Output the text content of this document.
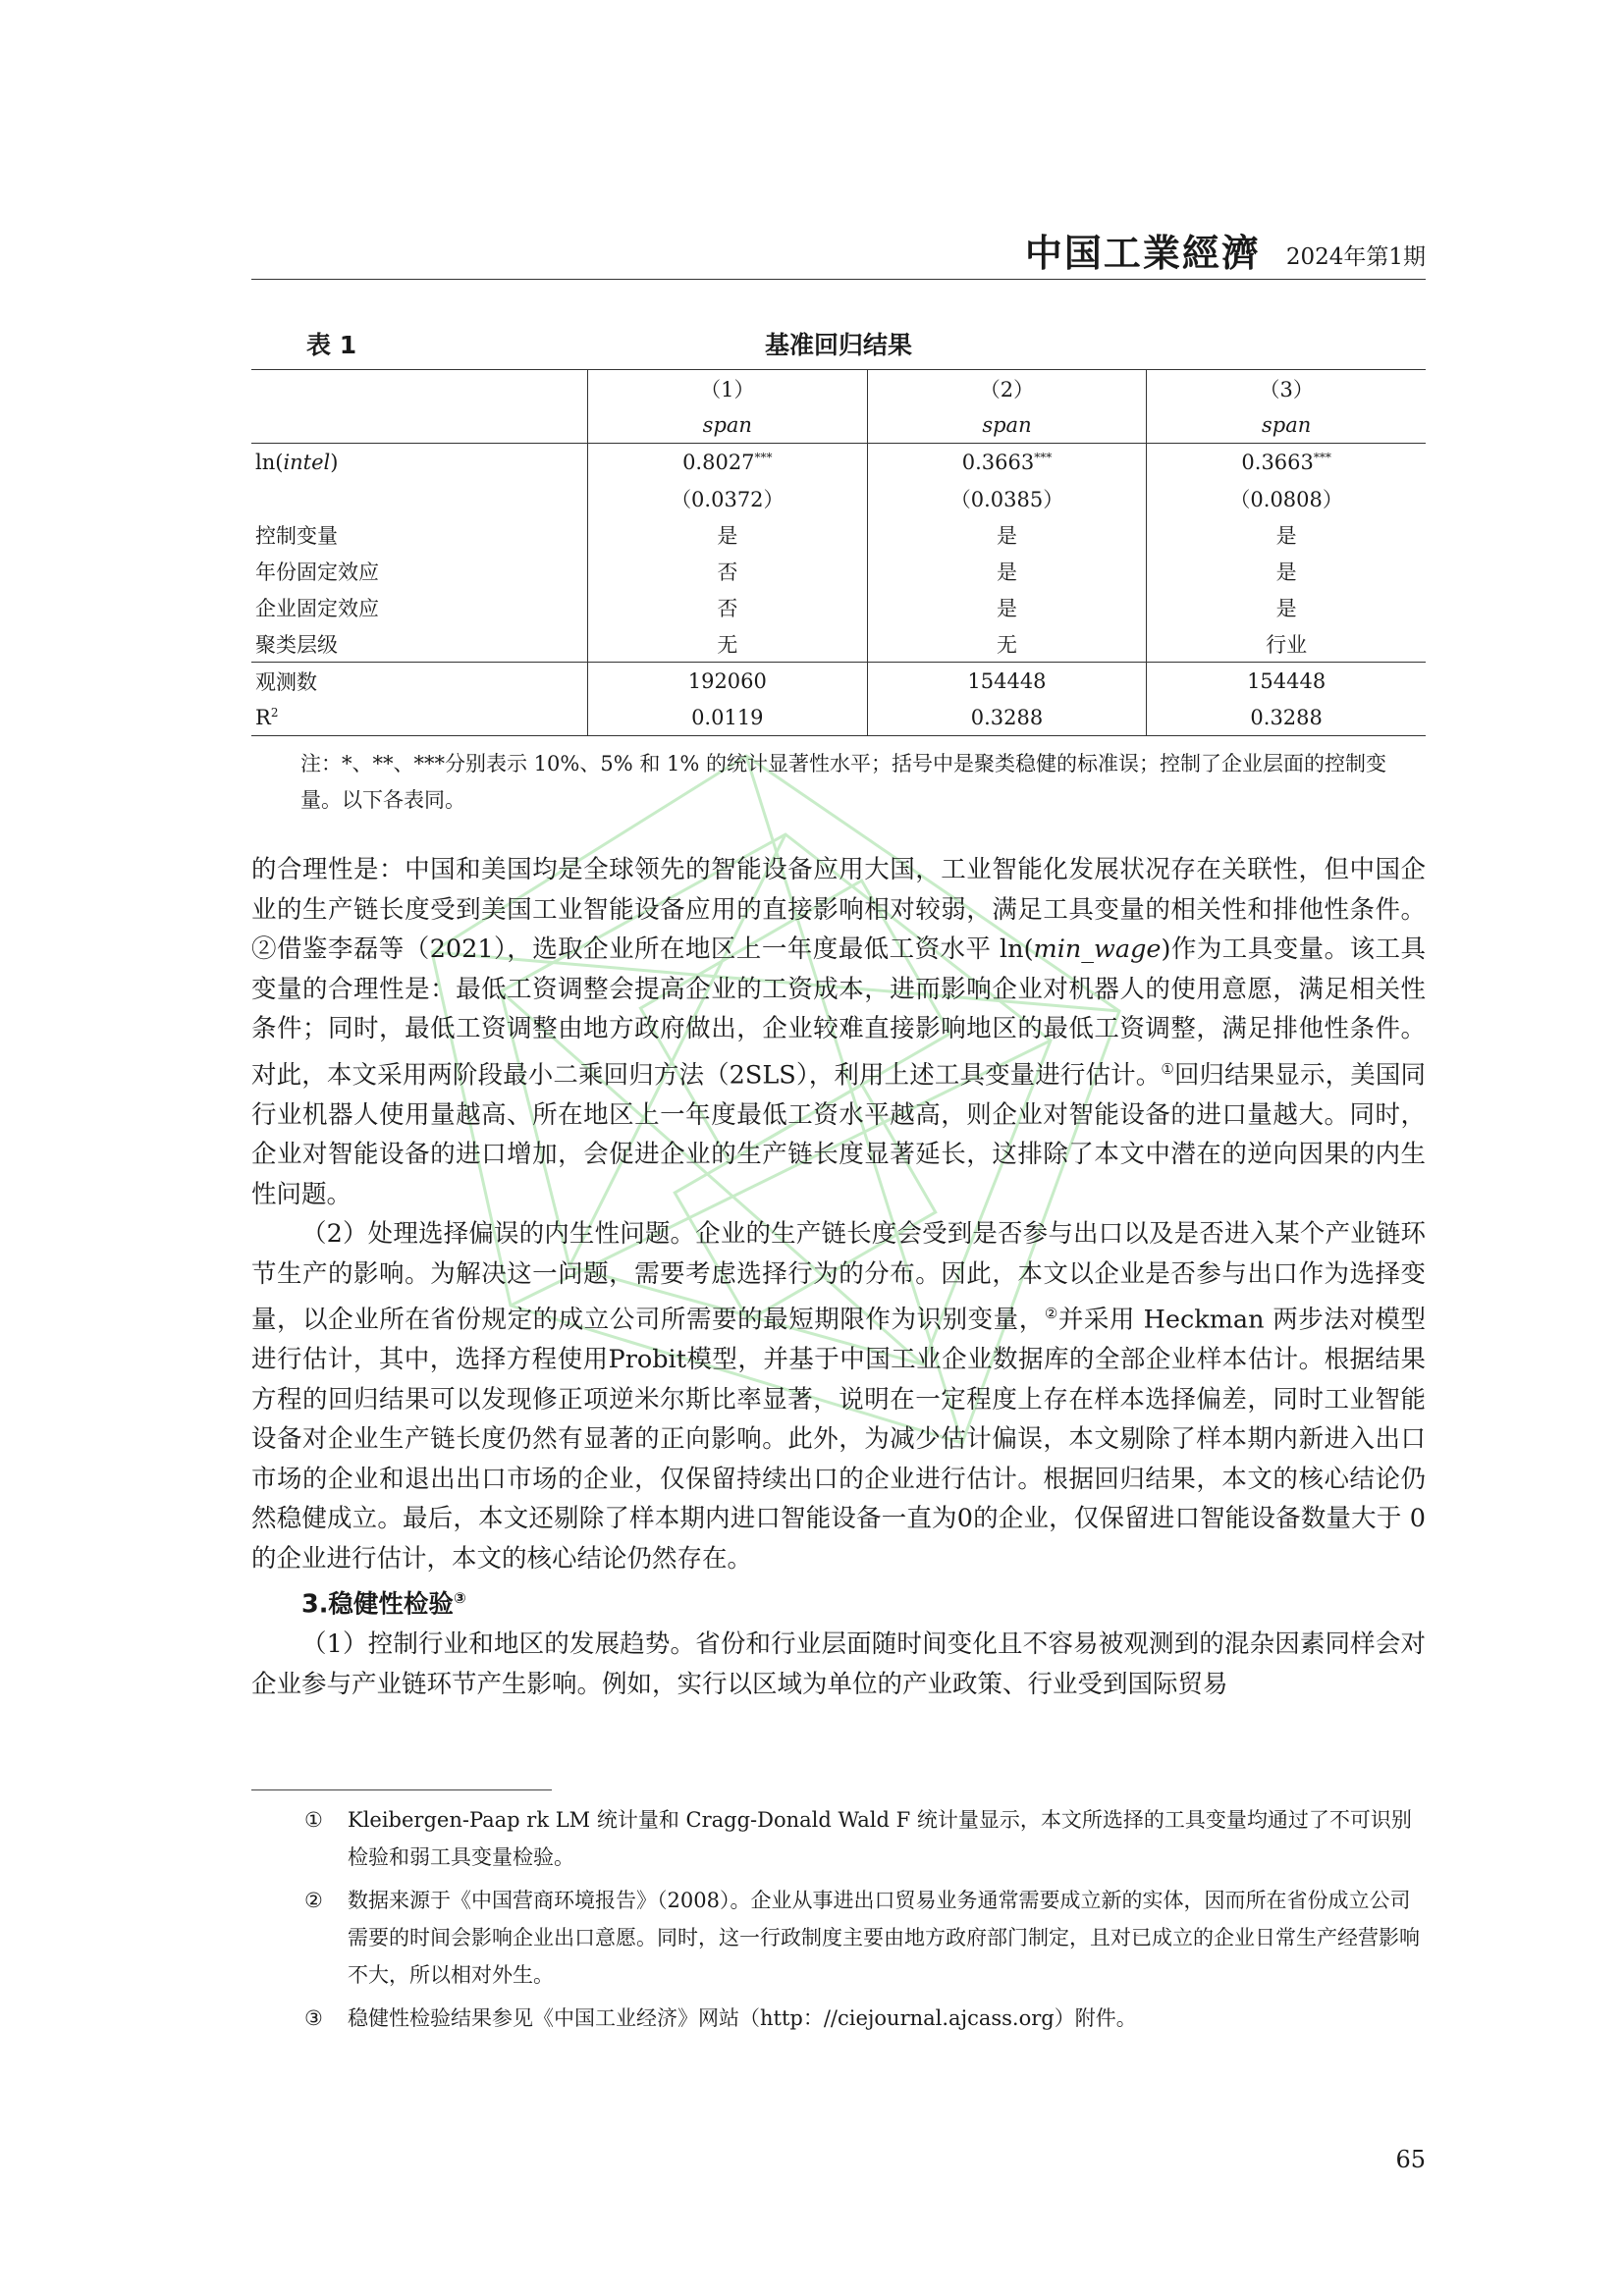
中国工業經濟 2024年第1期
表 1	基准回归结果
	（1）	（2）	（3）
	span	span	span
ln(intel)	0.8027***	0.3663***	0.3663***
	（0.0372）	（0.0385）	（0.0808）
控制变量	是	是	是
年份固定效应	否	是	是
企业固定效应	否	是	是
聚类层级	无	无	行业
观测数	192060	154448	154448
$R^2$	0.0119	0.3288	0.3288
注：*、**、***分别表示 10%、5% 和 1% 的统计显著性水平；括号中是聚类稳健的标准误；控制了企业层面的控制变量。以下各表同。

的合理性是：中国和美国均是全球领先的智能设备应用大国，工业智能化发展状况存在关联性，但中国企业的生产链长度受到美国工业智能设备应用的直接影响相对较弱，满足工具变量的相关性和排他性条件。②借鉴李磊等（2021），选取企业所在地区上一年度最低工资水平 ln(min_wage)作为工具变量。该工具变量的合理性是：最低工资调整会提高企业的工资成本，进而影响企业对机器人的使用意愿，满足相关性条件；同时，最低工资调整由地方政府做出，企业较难直接影响地区的最低工资调整，满足排他性条件。对此，本文采用两阶段最小二乘回归方法（2SLS），利用上述工具变量进行估计。①回归结果显示，美国同行业机器人使用量越高、所在地区上一年度最低工资水平越高，则企业对智能设备的进口量越大。同时，企业对智能设备的进口增加，会促进企业的生产链长度显著延长，这排除了本文中潜在的逆向因果的内生性问题。

（2）处理选择偏误的内生性问题。企业的生产链长度会受到是否参与出口以及是否进入某个产业链环节生产的影响。为解决这一问题，需要考虑选择行为的分布。因此，本文以企业是否参与出口作为选择变量，以企业所在省份规定的成立公司所需要的最短期限作为识别变量，②并采用 Heckman 两步法对模型进行估计，其中，选择方程使用Probit模型，并基于中国工业企业数据库的全部企业样本估计。根据结果方程的回归结果可以发现修正项逆米尔斯比率显著，说明在一定程度上存在样本选择偏差，同时工业智能设备对企业生产链长度仍然有显著的正向影响。此外，为减少估计偏误，本文剔除了样本期内新进入出口市场的企业和退出出口市场的企业，仅保留持续出口的企业进行估计。根据回归结果，本文的核心结论仍然稳健成立。最后，本文还剔除了样本期内进口智能设备一直为0的企业，仅保留进口智能设备数量大于 0的企业进行估计，本文的核心结论仍然存在。

3.稳健性检验③

（1）控制行业和地区的发展趋势。省份和行业层面随时间变化且不容易被观测到的混杂因素同样会对企业参与产业链环节产生影响。例如，实行以区域为单位的产业政策、行业受到国际贸易

① Kleibergen-Paap rk LM 统计量和 Cragg-Donald Wald F 统计量显示，本文所选择的工具变量均通过了不可识别检验和弱工具变量检验。
② 数据来源于《中国营商环境报告》（2008）。企业从事进出口贸易业务通常需要成立新的实体，因而所在省份成立公司需要的时间会影响企业出口意愿。同时，这一行政制度主要由地方政府部门制定，且对已成立的企业日常生产经营影响不大，所以相对外生。
③ 稳健性检验结果参见《中国工业经济》网站（http：//ciejournal.ajcass.org）附件。
65
